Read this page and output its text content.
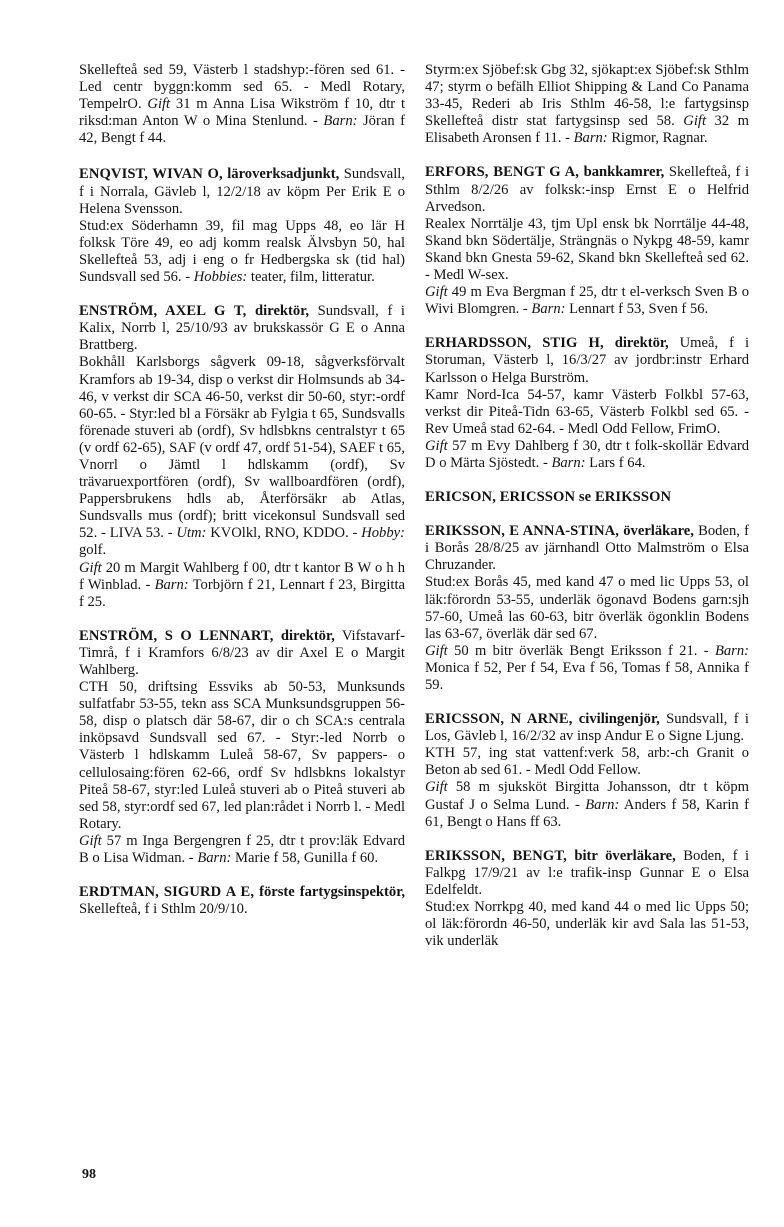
Skellefteå sed 59, Västerb l stadshyp:-fören sed 61. - Led centr byggn:komm sed 65. - Medl Rotary, TempelrO. Gift 31 m Anna Lisa Wikström f 10, dtr t riksd:man Anton W o Mina Stenlund. - Barn: Jöran f 42, Bengt f 44.
ENQVIST, WIVAN O, läroverksadjunkt, Sundsvall, f i Norrala, Gävleb l, 12/2/18 av köpm Per Erik E o Helena Svensson.
Stud:ex Söderhamn 39, fil mag Upps 48, eo lär H folksk Töre 49, eo adj komm realsk Älvsbyn 50, hal Skellefteå 53, adj i eng o fr Hedbergska sk (tid hal) Sundsvall sed 56. - Hobbies: teater, film, litteratur.
ENSTRÖM, AXEL G T, direktör, Sundsvall, f i Kalix, Norrb l, 25/10/93 av brukskassör G E o Anna Brattberg.
Bokhåll Karlsborgs sågverk 09-18, sågverksförvalt Kramfors ab 19-34, disp o verkst dir Holmsunds ab 34-46, v verkst dir SCA 46-50, verkst dir 50-60, styr:-ordf 60-65. - Styr:led bl a Försäkr ab Fylgia t 65, Sundsvalls förenade stuveri ab (ordf), Sv hdlsbkns centralstyr t 65 (v ordf 62-65), SAF (v ordf 47, ordf 51-54), SAEF t 65, Vnorrl o Jämtl l hdlskamm (ordf), Sv trävaruexportfören (ordf), Sv wallboardfören (ordf), Pappersbrukens hdls ab, Återförsäkr ab Atlas, Sundsvalls mus (ordf); britt vicekonsul Sundsvall sed 52. - LIVA 53. - Utm: KVOlkl, RNO, KDDO. - Hobby: golf.
Gift 20 m Margit Wahlberg f 00, dtr t kantor B W o h h f Winblad. - Barn: Torbjörn f 21, Lennart f 23, Birgitta f 25.
ENSTRÖM, S O LENNART, direktör, Vifstavarf-Timrå, f i Kramfors 6/8/23 av dir Axel E o Margit Wahlberg.
CTH 50, driftsing Essviks ab 50-53, Munksunds sulfatfabr 53-55, tekn ass SCA Munksundsgruppen 56-58, disp o platsch där 58-67, dir o ch SCA:s centrala inköpsavd Sundsvall sed 67. - Styr:-led Norrb o Västerb l hdlskamm Luleå 58-67, Sv pappers- o cellulosaing:fören 62-66, ordf Sv hdlsbkns lokalstyr Piteå 58-67, styr:led Luleå stuveri ab o Piteå stuveri ab sed 58, styr:ordf sed 67, led plan:rådet i Norrb l. - Medl Rotary.
Gift 57 m Inga Bergengren f 25, dtr t prov:läk Edvard B o Lisa Widman. - Barn: Marie f 58, Gunilla f 60.
ERDTMAN, SIGURD A E, förste fartygsinspektör, Skellefteå, f i Sthlm 20/9/10.
Styrm:ex Sjöbef:sk Gbg 32, sjökapt:ex Sjöbef:sk Sthlm 47; styrm o befälh Elliot Shipping & Land Co Panama 33-45, Rederi ab Iris Sthlm 46-58, l:e fartygsinsp Skellefteå distr stat fartygsinsp sed 58. Gift 32 m Elisabeth Aronsen f 11. - Barn: Rigmor, Ragnar.
ERFORS, BENGT G A, bankkamrer, Skellefteå, f i Sthlm 8/2/26 av folksk:-insp Ernst E o Helfrid Arvedson.
Realex Norrtälje 43, tjm Upl ensk bk Norrtälje 44-48, Skand bkn Södertälje, Strängnäs o Nykpg 48-59, kamr Skand bkn Gnesta 59-62, Skand bkn Skellefteå sed 62. - Medl W-sex.
Gift 49 m Eva Bergman f 25, dtr t el-verksch Sven B o Wivi Blomgren. - Barn: Lennart f 53, Sven f 56.
ERHARDSSON, STIG H, direktör, Umeå, f i Storuman, Västerb l, 16/3/27 av jordbr:instr Erhard Karlsson o Helga Burström.
Kamr Nord-Ica 54-57, kamr Västerb Folkbl 57-63, verkst dir Piteå-Tidn 63-65, Västerb Folkbl sed 65. - Rev Umeå stad 62-64. - Medl Odd Fellow, FrimO.
Gift 57 m Evy Dahlberg f 30, dtr t folk-skollär Edvard D o Märta Sjöstedt. - Barn: Lars f 64.
ERICSON, ERICSSON se ERIKSSON
ERIKSSON, E ANNA-STINA, överläkare, Boden, f i Borås 28/8/25 av järnhandl Otto Malmström o Elsa Chruzander.
Stud:ex Borås 45, med kand 47 o med lic Upps 53, ol läk:förordn 53-55, underläk ögonavd Bodens garn:sjh 57-60, Umeå las 60-63, bitr överläk ögonklin Bodens las 63-67, överläk där sed 67.
Gift 50 m bitr överläk Bengt Eriksson f 21. - Barn: Monica f 52, Per f 54, Eva f 56, Tomas f 58, Annika f 59.
ERICSSON, N ARNE, civilingenjör, Sundsvall, f i Los, Gävleb l, 16/2/32 av insp Andur E o Signe Ljung.
KTH 57, ing stat vattenf:verk 58, arb:-ch Granit o Beton ab sed 61. - Medl Odd Fellow.
Gift 58 m sjuksköt Birgitta Johansson, dtr t köpm Gustaf J o Selma Lund. - Barn: Anders f 58, Karin f 61, Bengt o Hans ff 63.
ERIKSSON, BENGT, bitr överläkare, Boden, f i Falkpg 17/9/21 av l:e trafik-insp Gunnar E o Elsa Edelfeldt.
Stud:ex Norrkpg 40, med kand 44 o med lic Upps 50; ol läk:förordn 46-50, underläk kir avd Sala las 51-53, vik underläk
98
